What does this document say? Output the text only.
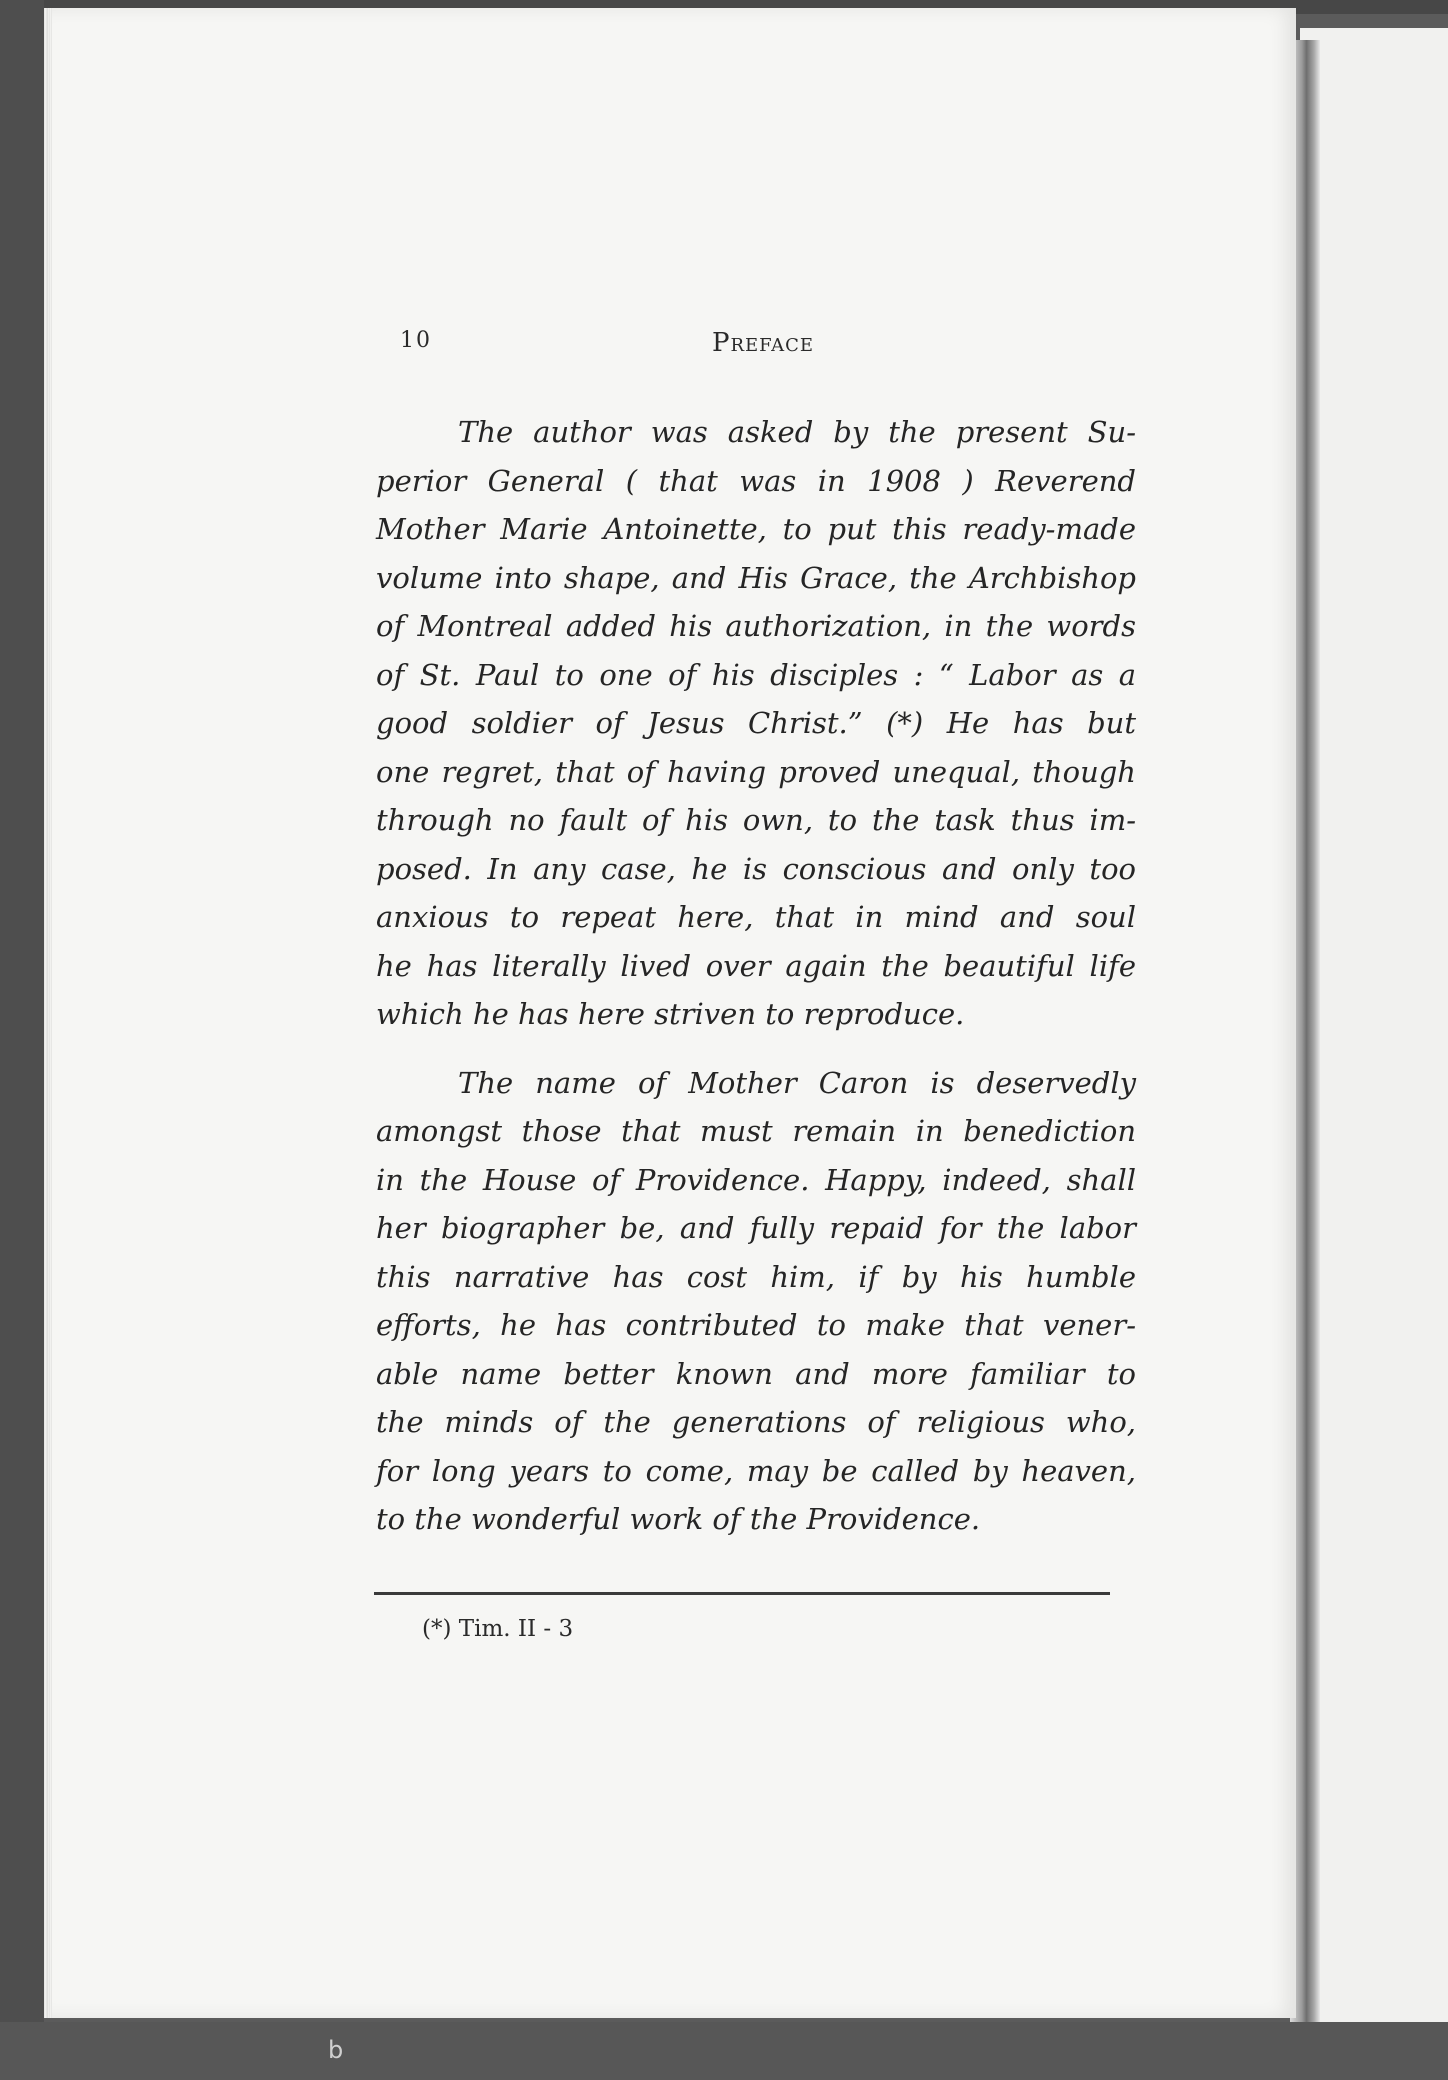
10	Preface
The author was asked by the present Su-
perior General ( that was in 1908 ) Reverend
Mother Marie Antoinette, to put this ready-made
volume into shape, and His Grace, the Archbishop
of Montreal added his authorization, in the words
of St. Paul to one of his disciples : “ Labor as a
good soldier of Jesus Christ.” (*) He has but
one regret, that of having proved unequal, though
through no fault of his own, to the task thus im-
posed. In any case, he is conscious and only too
anxious to repeat here, that in mind and soul
he has literally lived over again the beautiful life
which he has here striven to reproduce.
The name of Mother Caron is deservedly
amongst those that must remain in benediction
in the House of Providence. Happy, indeed, shall
her biographer be, and fully repaid for the labor
this narrative has cost him, if by his humble
efforts, he has contributed to make that vener-
able name better known and more familiar to
the minds of the generations of religious who,
for long years to come, may be called by heaven,
to the wonderful work of the Providence.
(*) Tim. II - 3
b
